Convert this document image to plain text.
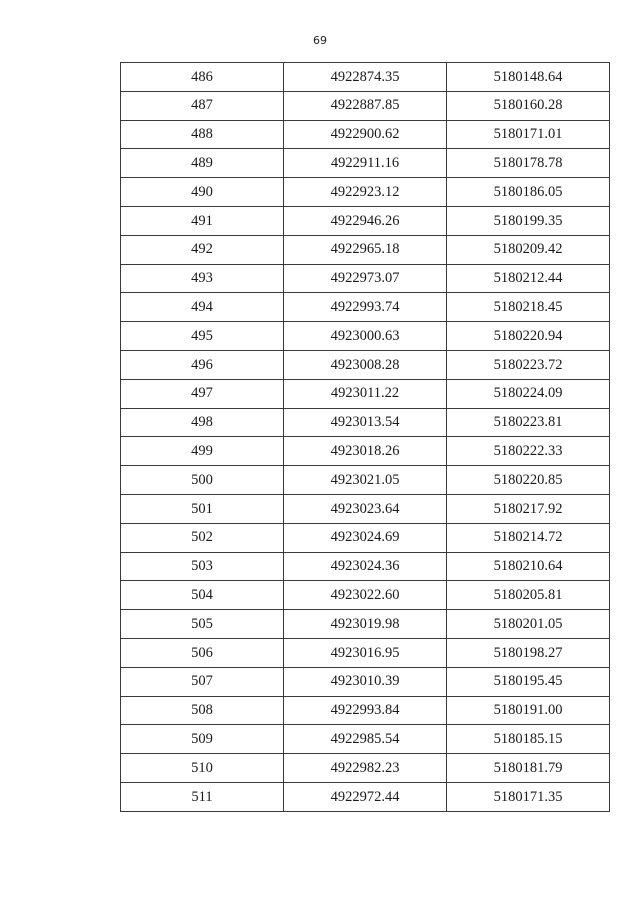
69
486	4922874.35	5180148.64
487	4922887.85	5180160.28
488	4922900.62	5180171.01
489	4922911.16	5180178.78
490	4922923.12	5180186.05
491	4922946.26	5180199.35
492	4922965.18	5180209.42
493	4922973.07	5180212.44
494	4922993.74	5180218.45
495	4923000.63	5180220.94
496	4923008.28	5180223.72
497	4923011.22	5180224.09
498	4923013.54	5180223.81
499	4923018.26	5180222.33
500	4923021.05	5180220.85
501	4923023.64	5180217.92
502	4923024.69	5180214.72
503	4923024.36	5180210.64
504	4923022.60	5180205.81
505	4923019.98	5180201.05
506	4923016.95	5180198.27
507	4923010.39	5180195.45
508	4922993.84	5180191.00
509	4922985.54	5180185.15
510	4922982.23	5180181.79
511	4922972.44	5180171.35
